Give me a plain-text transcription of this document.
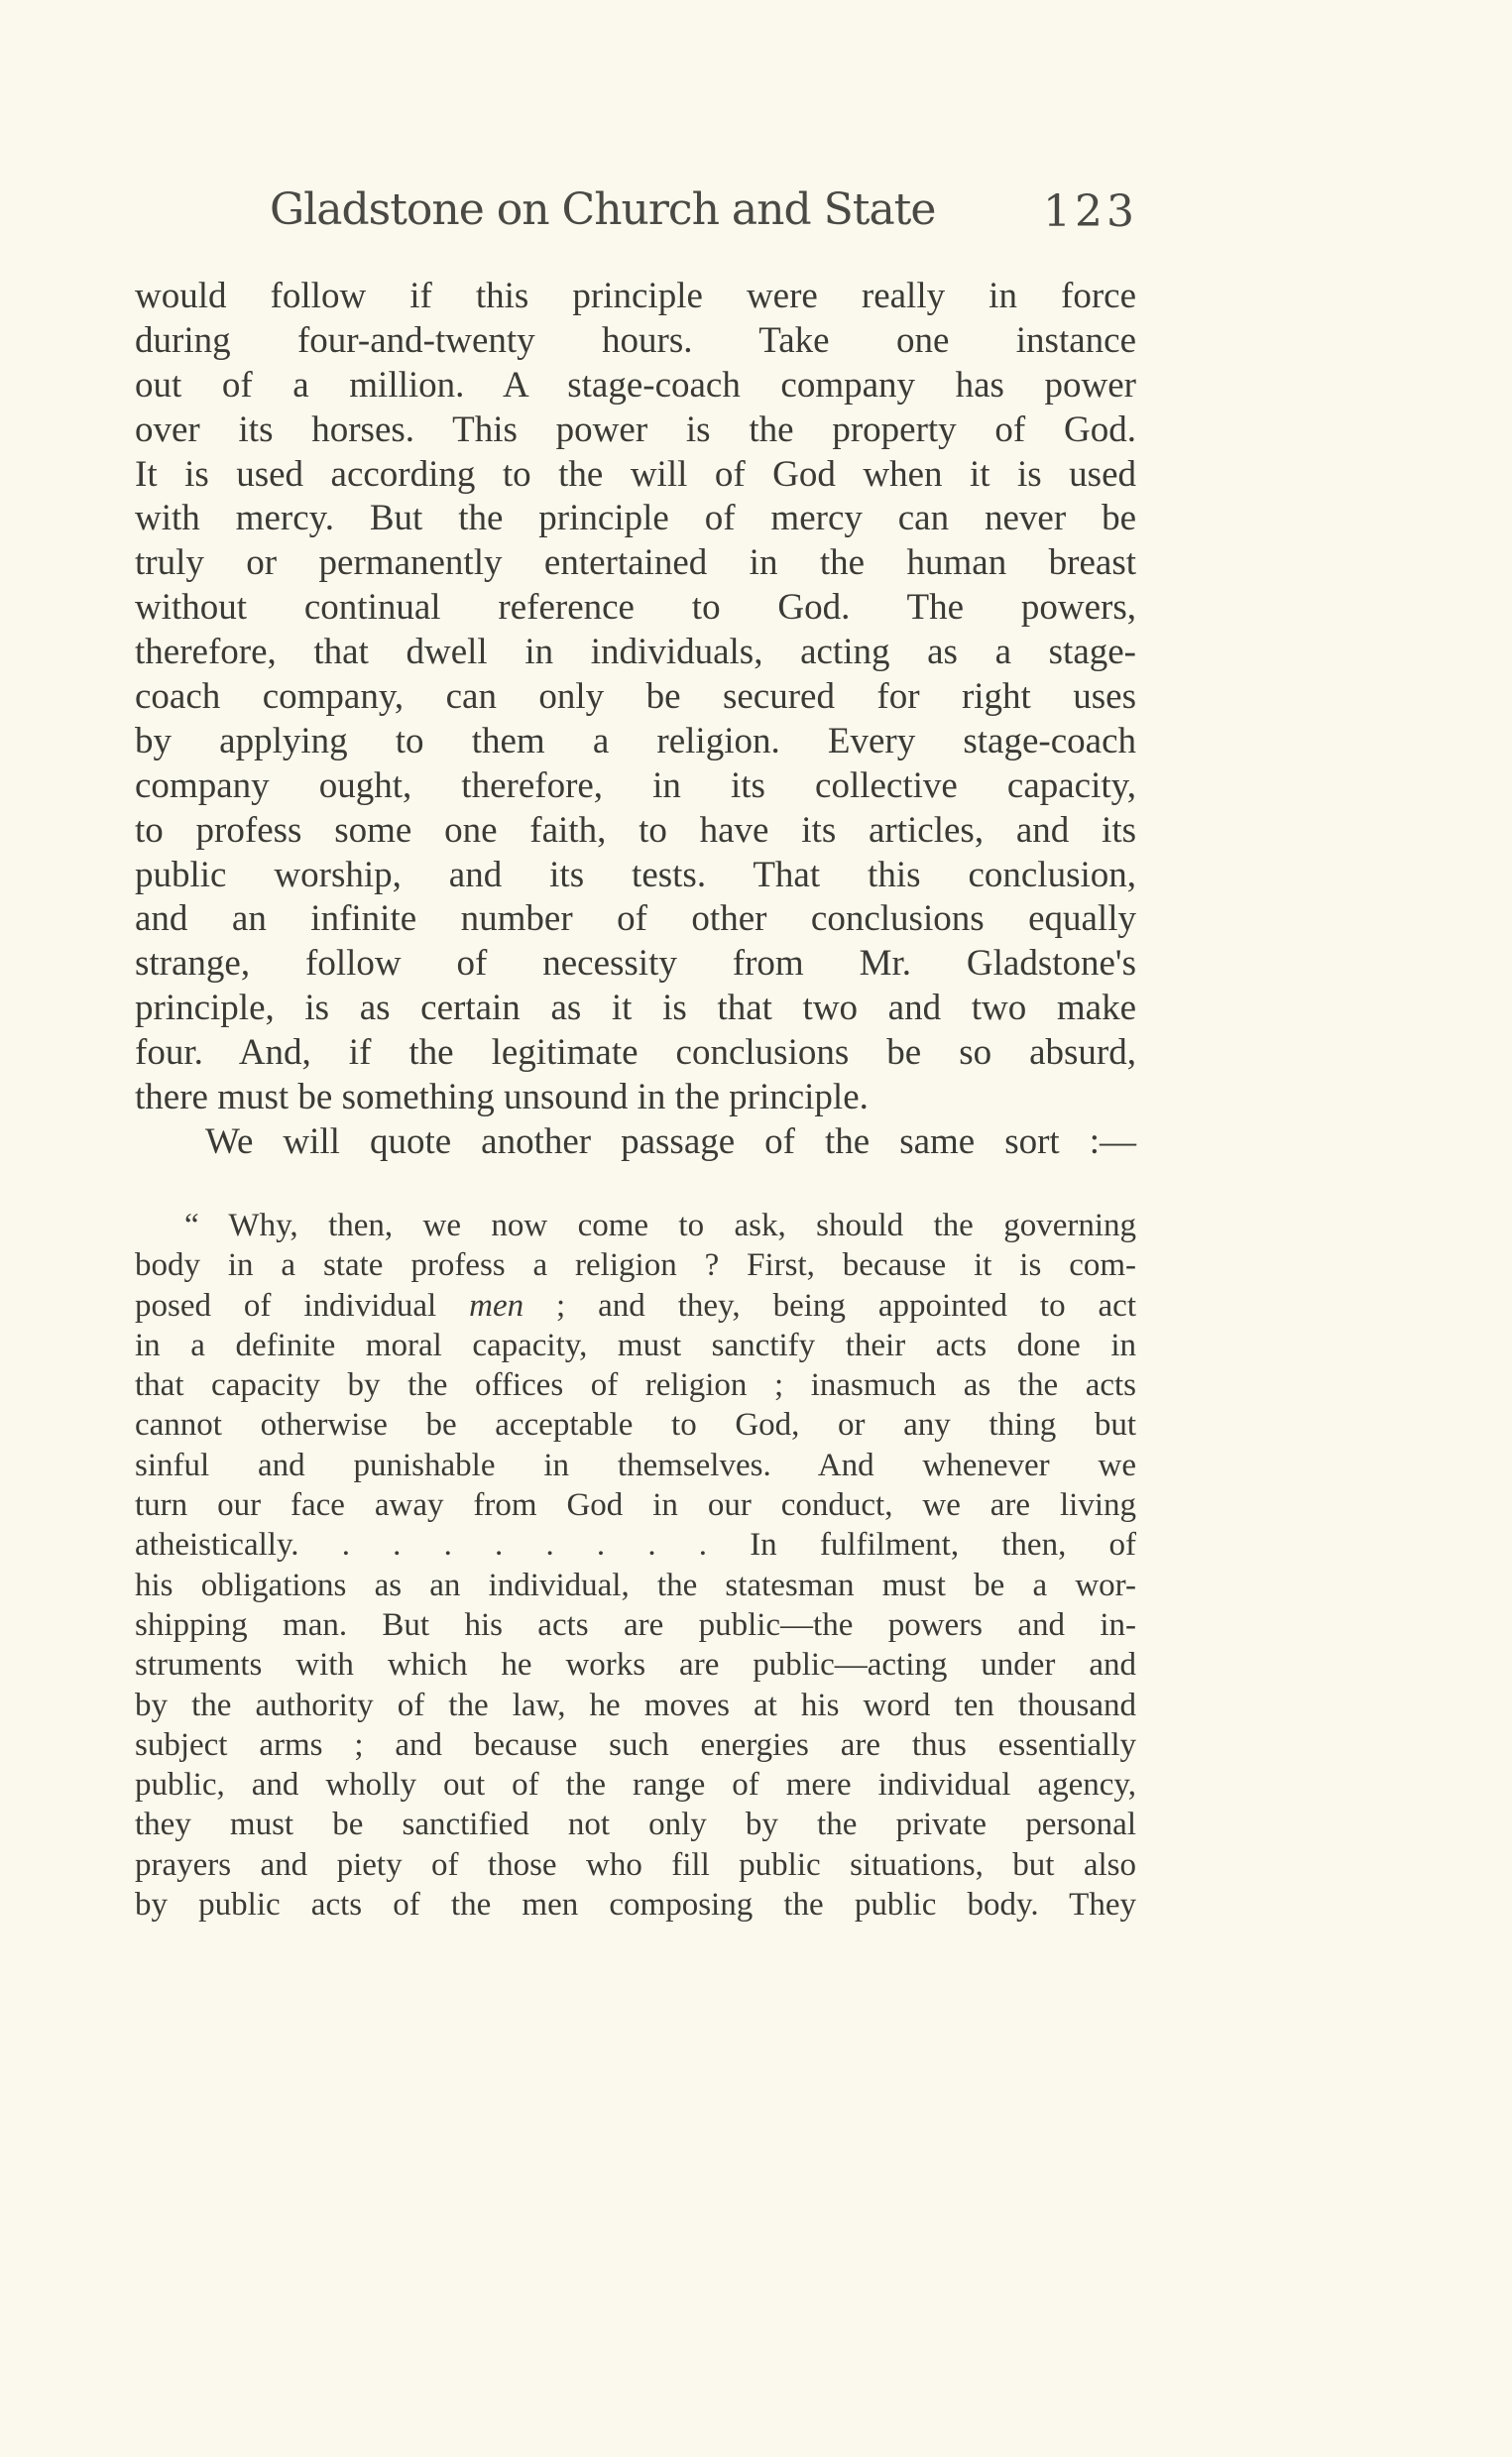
Gladstone on Church and State 123
would follow if this principle were really in force
during four-and-twenty hours. Take one instance
out of a million. A stage-coach company has power
over its horses. This power is the property of God.
It is used according to the will of God when it is used
with mercy. But the principle of mercy can never be
truly or permanently entertained in the human breast
without continual reference to God. The powers,
therefore, that dwell in individuals, acting as a stage-
coach company, can only be secured for right uses
by applying to them a religion. Every stage-coach
company ought, therefore, in its collective capacity,
to profess some one faith, to have its articles, and its
public worship, and its tests. That this conclusion,
and an infinite number of other conclusions equally
strange, follow of necessity from Mr. Gladstone's
principle, is as certain as it is that two and two make
four. And, if the legitimate conclusions be so absurd,
there must be something unsound in the principle.
We will quote another passage of the same sort :—
“ Why, then, we now come to ask, should the governing
body in a state profess a religion ? First, because it is com-
posed of individual men ; and they, being appointed to act
in a definite moral capacity, must sanctify their acts done in
that capacity by the offices of religion ; inasmuch as the acts
cannot otherwise be acceptable to God, or any thing but
sinful and punishable in themselves. And whenever we
turn our face away from God in our conduct, we are living
atheistically. . . . . . . . . In fulfilment, then, of
his obligations as an individual, the statesman must be a wor-
shipping man. But his acts are public—the powers and in-
struments with which he works are public—acting under and
by the authority of the law, he moves at his word ten thousand
subject arms ; and because such energies are thus essentially
public, and wholly out of the range of mere individual agency,
they must be sanctified not only by the private personal
prayers and piety of those who fill public situations, but also
by public acts of the men composing the public body. They
